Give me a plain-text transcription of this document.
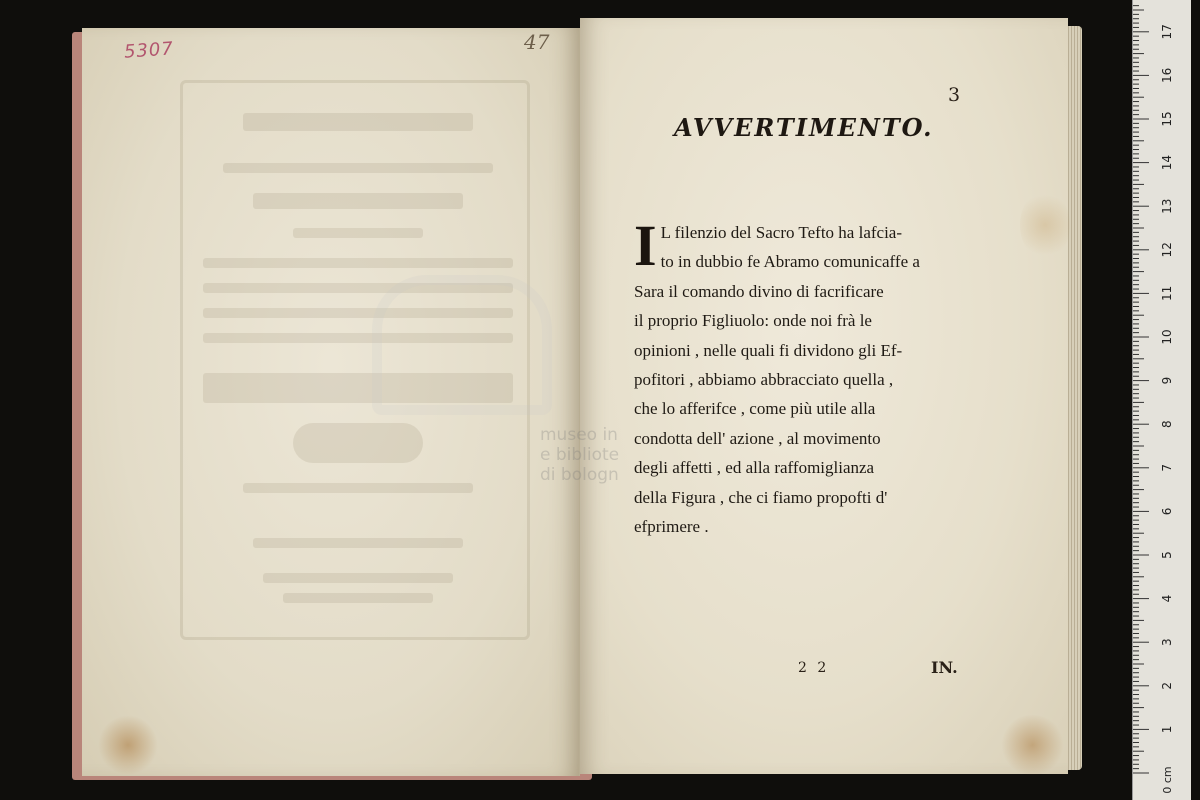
5307	47
museo in
e bibliote
di bologn
3
AVVERTIMENTO.
I L filenzio del Sacro Tefto ha lafcia-
to in dubbio fe Abramo comunicaffe a
Sara il comando divino di facrificare
il proprio Figliuolo: onde noi frà le
opinioni , nelle quali fi dividono gli Ef-
pofitori , abbiamo abbracciato quella ,
che lo afferifce , come più utile alla
condotta dell' azione , al movimento
degli affetti , ed alla raffomiglianza
della Figura , che ci fiamo propofti d'
efprimere .
2 2	IN.
1
2
3
4
5
6
7
8
9
10
11
12
13
14
15
16
17
0 cm
